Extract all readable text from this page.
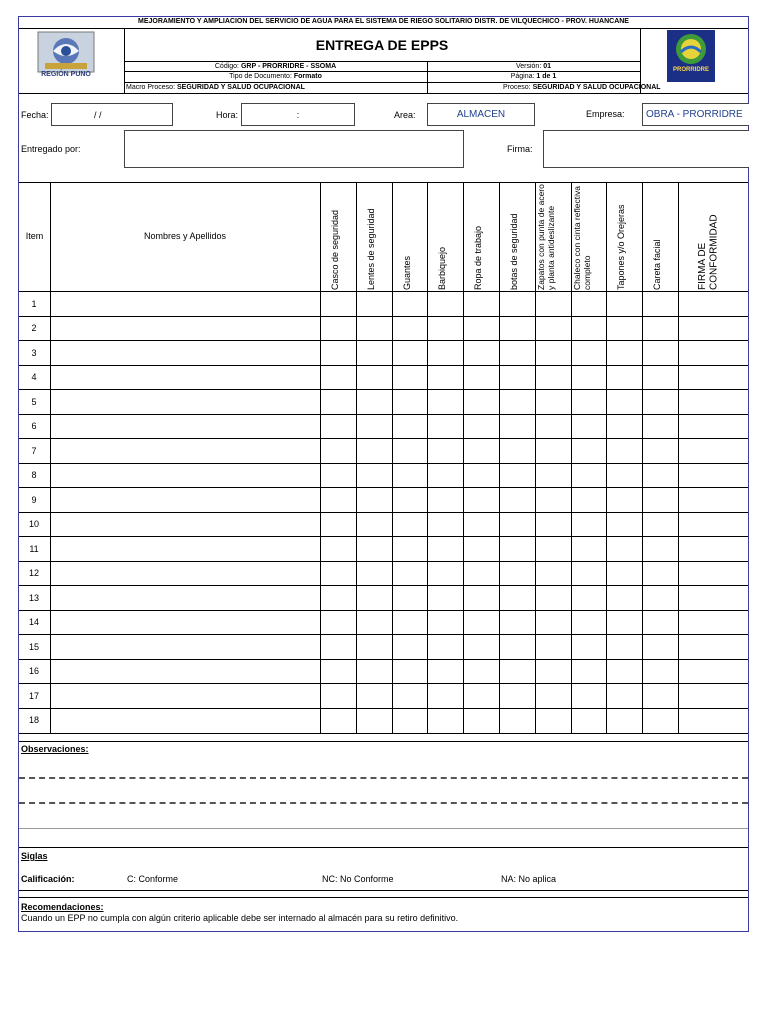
MEJORAMIENTO Y AMPLIACION DEL SERVICIO DE AGUA PARA EL SISTEMA DE RIEGO SOLITARIO DISTR. DE VILQUECHICO - PROV. HUANCANE
REGIÓN PUNO
PRORRIDRE
ENTREGA DE EPPS
Código: GRP - PRORRIDRE - SSOMA	Versión: 01
Tipo de Documento: Formato	Página: 1 de 1
Macro Proceso: SEGURIDAD Y SALUD OCUPACIONAL	Proceso: SEGURIDAD Y SALUD OCUPACIONAL
Fecha:	/ /	Hora:	:	Area:	ALMACEN	Empresa:	OBRA - PRORRIDRE
Entregado por:	Firma:
Item	Nombres y Apellidos	Casco de seguridad	Lentes de seguridad	Guantes	Barbiquejo	Ropa de trabajo	botas de seguridad	Zapatos con punta de acero y planta antideslizante	Chaleco con cinta reflectiva completo	Tapones y/o Orejeras	Careta facial	FIRMA DE CONFORMIDAD
1
2
3
4
5
6
7
8
9
10
11
12
13
14
15
16
17
18
Observaciones:
Siglas
Calificación:	C: Conforme	NC: No Conforme	NA: No aplica
Recomendaciones:
Cuando un EPP no cumpla con algún criterio aplicable debe ser internado al almacén para su retiro definitivo.
